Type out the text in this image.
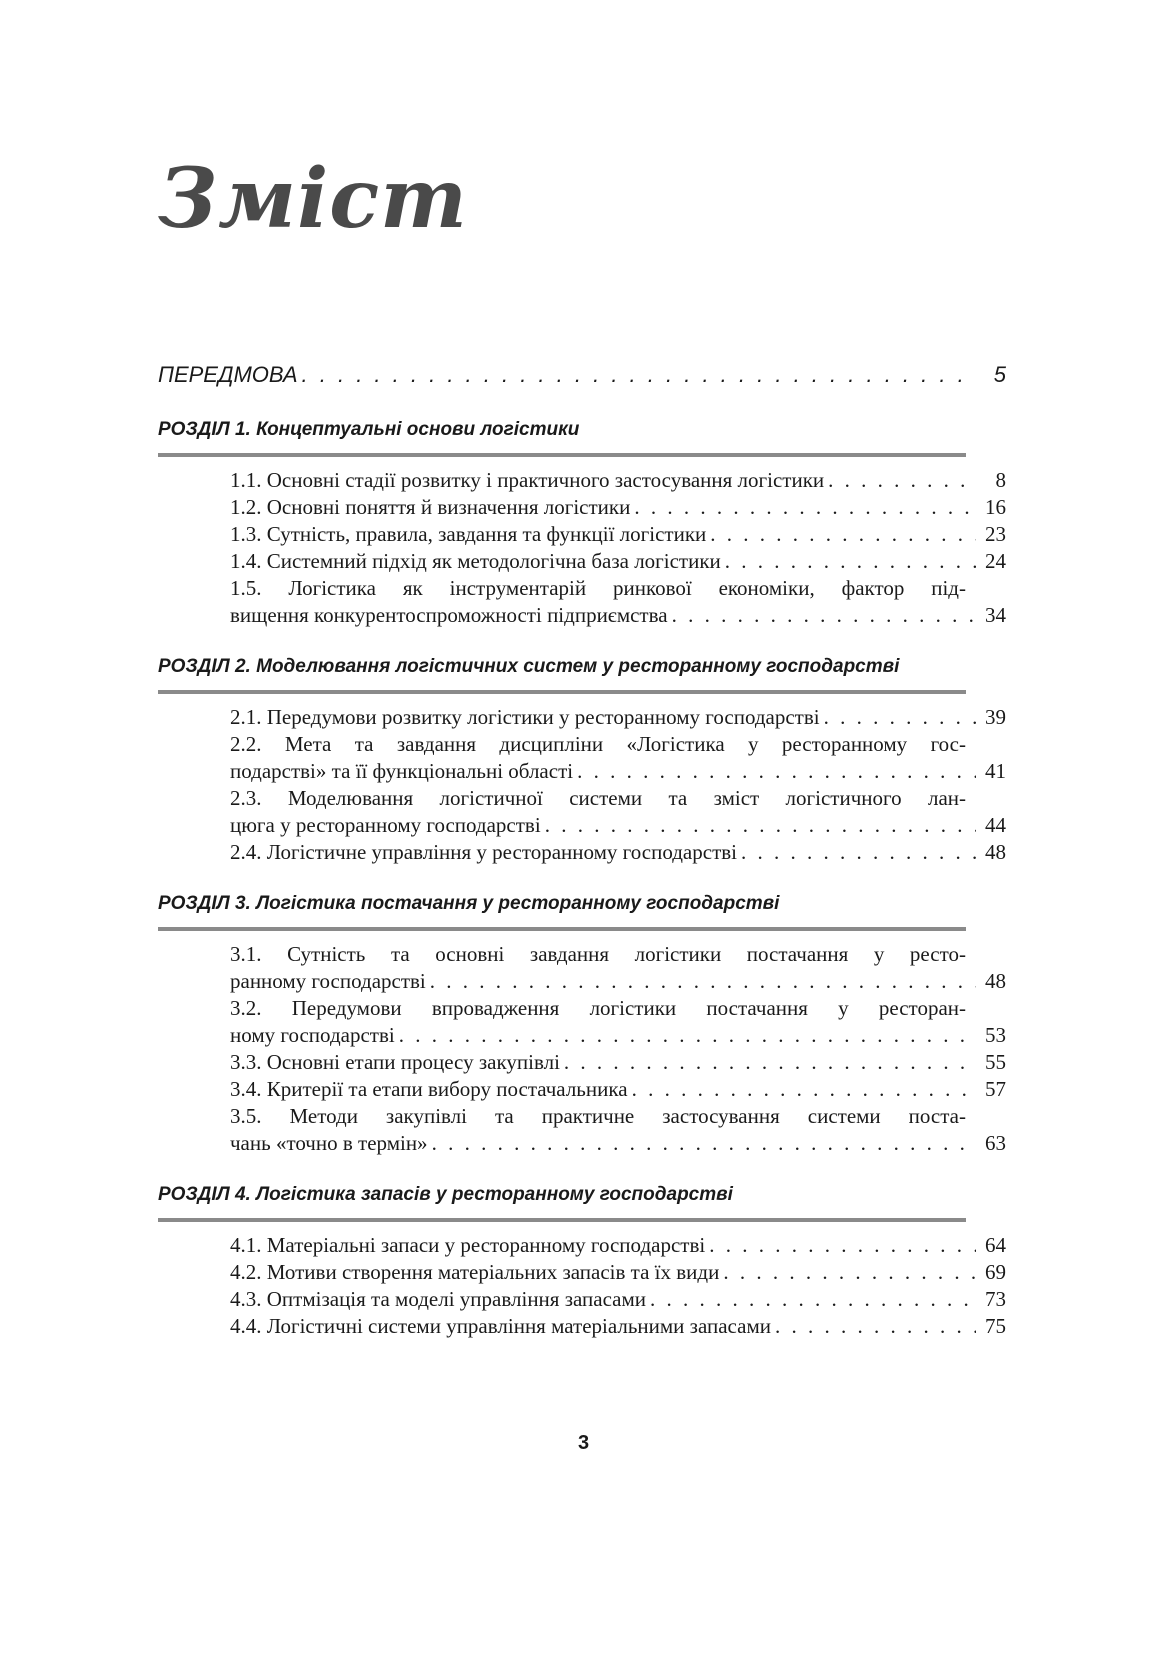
Зміст
ПЕРЕДМОВА . . .	5
РОЗДІЛ 1. Концептуальні основи логістики
1.1. Основні стадії розвитку і практичного застосування логістики . . .	8
1.2. Основні поняття й визначення логістики . . .	16
1.3. Сутність, правила, завдання та функції логістики . . .	23
1.4. Системний підхід як методологічна база логістики . . .	24
1.5. Логістика як інструментарій ринкової економіки, фактор під-
вищення конкурентоспроможності підприємства . . .	34
РОЗДІЛ 2. Моделювання логістичних систем у ресторанному господарстві
2.1. Передумови розвитку логістики у ресторанному господарстві . . .	39
2.2. Мета та завдання дисципліни «Логістика у ресторанному гос-
подарстві» та її функціональні області . . .	41
2.3. Моделювання логістичної системи та зміст логістичного лан-
цюга у ресторанному господарстві . . .	44
2.4. Логістичне управління у ресторанному господарстві . . .	48
РОЗДІЛ 3. Логістика постачання у ресторанному господарстві
3.1. Сутність та основні завдання логістики постачання у ресто-
ранному господарстві . . .	48
3.2. Передумови впровадження логістики постачання у ресторан-
ному господарстві . . .	53
3.3. Основні етапи процесу закупівлі . . .	55
3.4. Критерії та етапи вибору постачальника . . .	57
3.5. Методи закупівлі та практичне застосування системи поста-
чань «точно в термін» . . .	63
РОЗДІЛ 4. Логістика запасів у ресторанному господарстві
4.1. Матеріальні запаси у ресторанному господарстві . . .	64
4.2. Мотиви створення матеріальних запасів та їх види . . .	69
4.3. Оптмізація та моделі управління запасами . . .	73
4.4. Логістичні системи управління матеріальними запасами . . .	75
3
